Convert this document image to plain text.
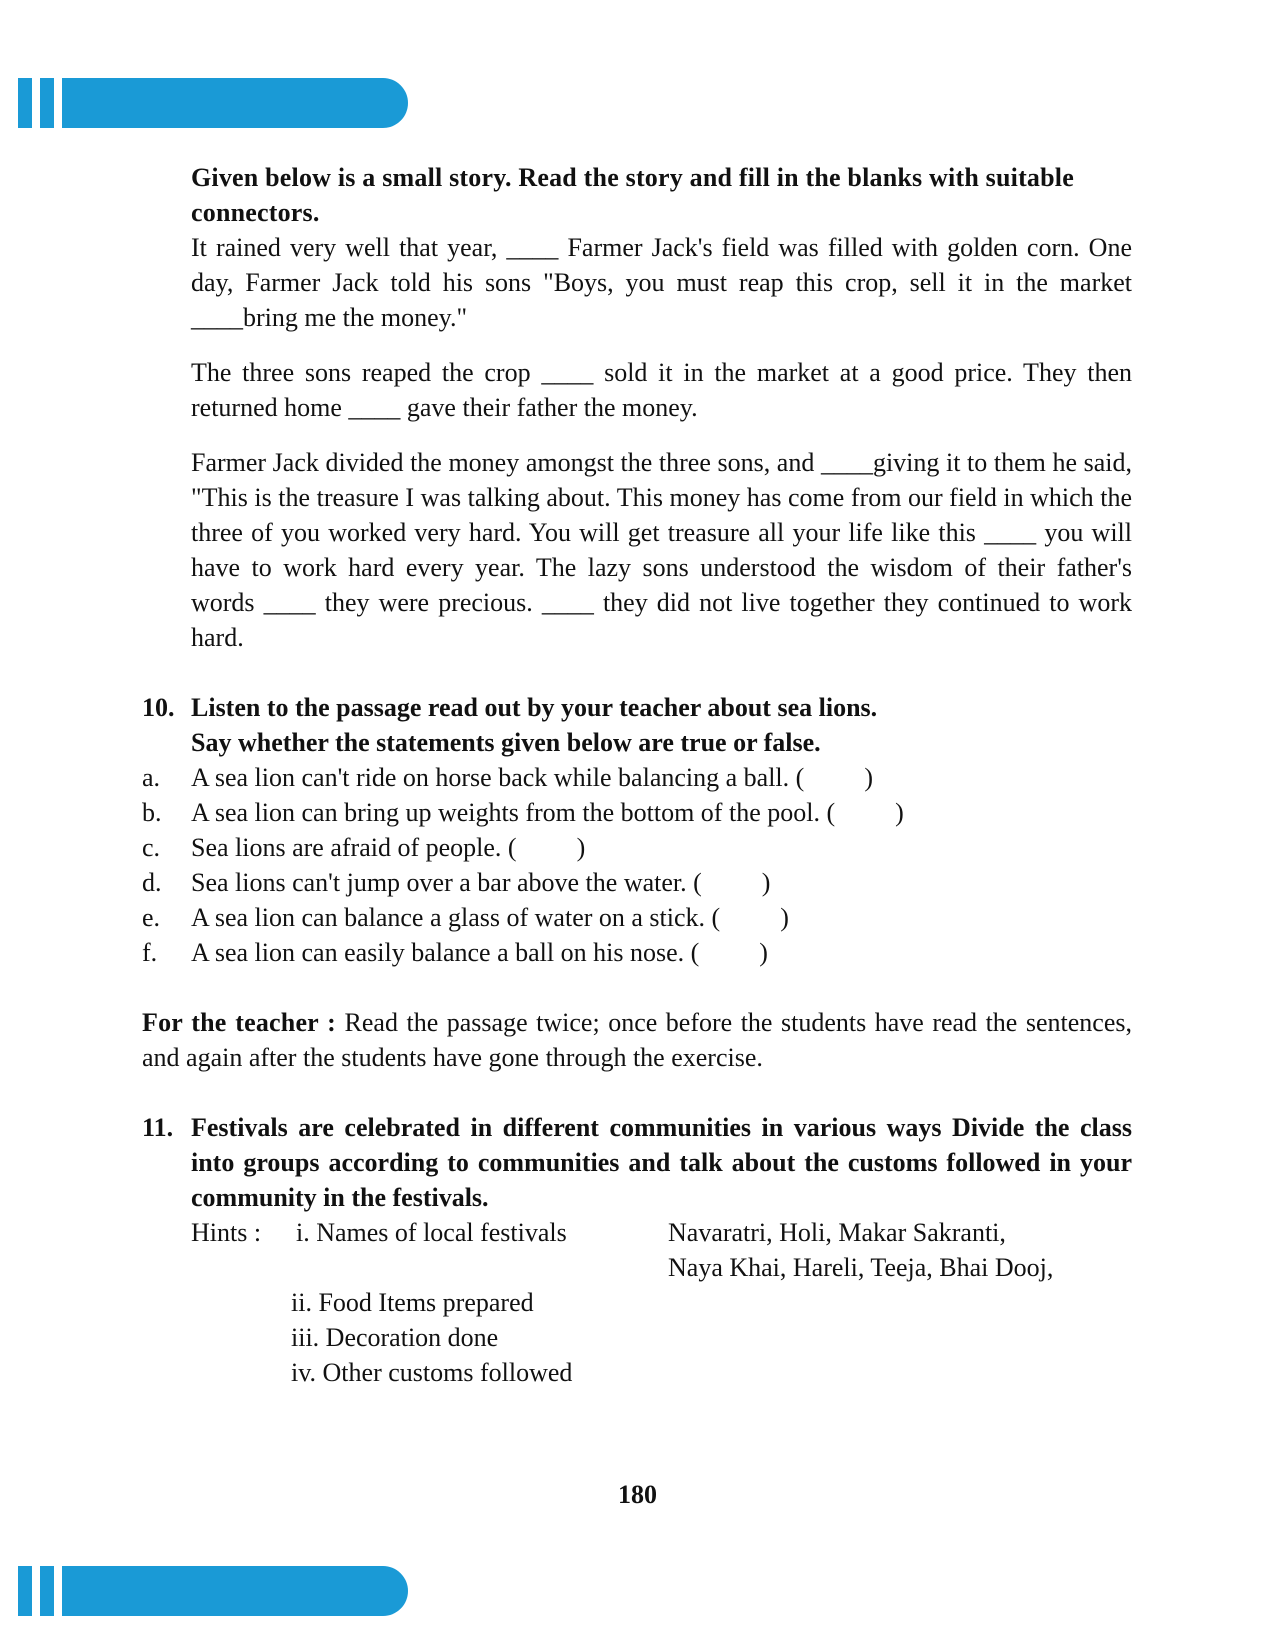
Given below is a small story. Read the story and fill in the blanks with suitable connectors.

It rained very well that year, ____ Farmer Jack's field was filled with golden corn. One day, Farmer Jack told his sons "Boys, you must reap this crop, sell it in the market ____bring me the money."

The three sons reaped the crop ____ sold it in the market at a good price. They then returned home ____ gave their father the money.

Farmer Jack divided the money amongst the three sons, and ____giving it to them he said, "This is the treasure I was talking about. This money has come from our field in which the three of you worked very hard. You will get treasure all your life like this ____ you will have to work hard every year. The lazy sons understood the wisdom of their father's words ____ they were precious. ____ they did not live together they continued to work hard.

10. Listen to the passage read out by your teacher about sea lions.
Say whether the statements given below are true or false.
a.	A sea lion can't ride on horse back while balancing a ball. ( )
b.	A sea lion can bring up weights from the bottom of the pool. ( )
c.	Sea lions are afraid of people. ( )
d.	Sea lions can't jump over a bar above the water. ( )
e.	A sea lion can balance a glass of water on a stick. ( )
f.	A sea lion can easily balance a ball on his nose. ( )

For the teacher : Read the passage twice; once before the students have read the sentences, and again after the students have gone through the exercise.

11. Festivals are celebrated in different communities in various ways Divide the class into groups according to communities and talk about the customs followed in your community in the festivals.
Hints : i. Names of local festivals	Navaratri, Holi, Makar Sakranti,
Naya Khai, Hareli, Teeja, Bhai Dooj,
ii. Food Items prepared
iii. Decoration done
iv. Other customs followed
180
